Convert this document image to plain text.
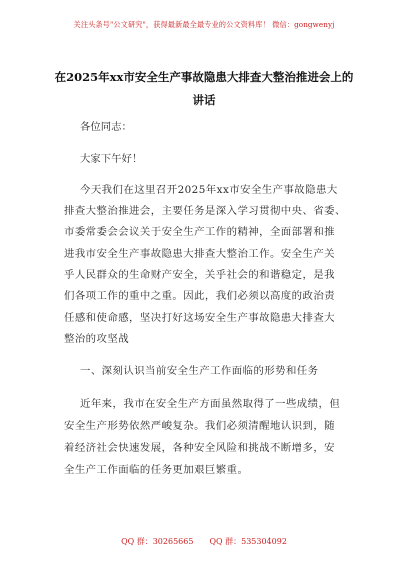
关注头条号"公文研究"，获得最新最全最专业的公文资料库！ 微信：gongwenyj
在2025年xx市安全生产事故隐患大排查大整治推进会上的
讲话
各位同志：
大家下午好！
今天我们在这里召开2025年xx市安全生产事故隐患大
排查大整治推进会，主要任务是深入学习贯彻中央、省委、
市委常委会会议关于安全生产工作的精神，全面部署和推
进我市安全生产事故隐患大排查大整治工作。安全生产关
乎人民群众的生命财产安全，关乎社会的和谐稳定，是我
们各项工作的重中之重。因此，我们必须以高度的政治责
任感和使命感，坚决打好这场安全生产事故隐患大排查大
整治的攻坚战
一、深刻认识当前安全生产工作面临的形势和任务
近年来，我市在安全生产方面虽然取得了一些成绩，但
安全生产形势依然严峻复杂。我们必须清醒地认识到，随
着经济社会快速发展，各种安全风险和挑战不断增多，安
全生产工作面临的任务更加艰巨繁重。
QQ 群：30265665 QQ 群：535304092
